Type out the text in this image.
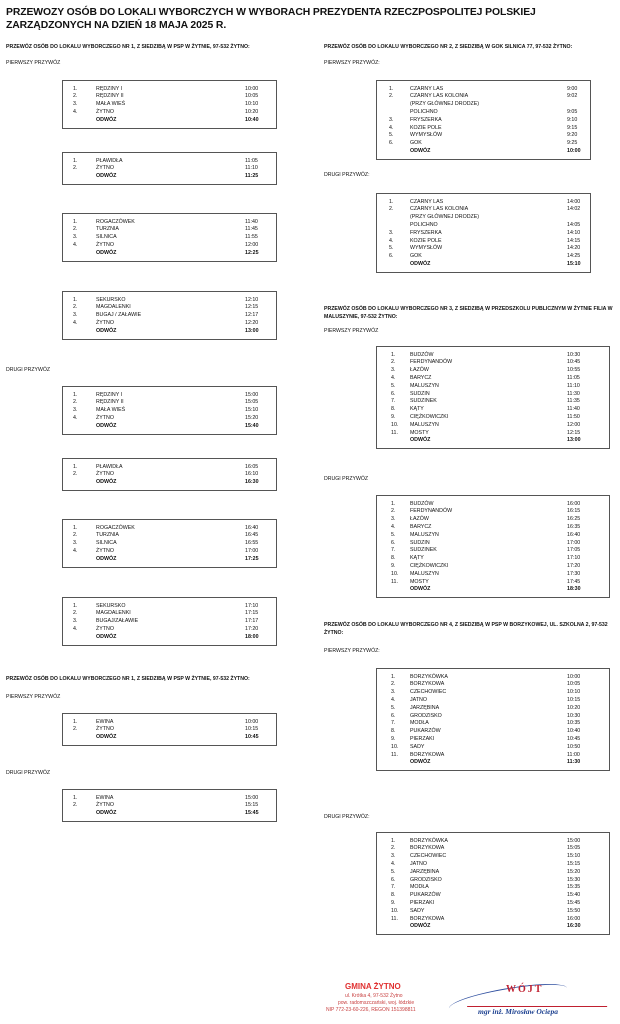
PRZEWOZY OSÓB DO LOKALI WYBORCZYCH W WYBORACH PREZYDENTA RZECZPOSPOLITEJ POLSKIEJ ZARZĄDZONYCH NA DZIEŃ 18 MAJA 2025 R.
PRZEWÓZ OSÓB DO LOKALU WYBORCZEGO NR 1, Z SIEDZIBĄ W PSP W ŻYTNIE, 97-532 ŻYTNO:
PIERWSZY PRZYWÓZ
1.	RĘDZINY I	10:00
2.	RĘDZINY II	10:05
3.	MAŁA WIEŚ	10:10
4.	ŻYTNO	10:20
ODWÓZ	10:40
1.	PŁAWIDŁA	11:05
2.	ŻYTNO	11:10
ODWÓZ	11:25
1.	ROGACZÓWEK	11:40
2.	TURZNIA	11:45
3.	SILNICA	11:55
4.	ŻYTNO	12:00
ODWÓZ	12:25
1.	SEKURSKO	12:10
2.	MAGDALENKI	12:15
3.	BUGAJ / ZAŁAWIE	12:17
4.	ŻYTNO	12:20
ODWÓZ	13:00
DRUGI PRZYWÓZ
1.	RĘDZINY I	15:00
2.	RĘDZINY II	15:05
3.	MAŁA WIEŚ	15:10
4.	ŻYTNO	15:20
ODWÓZ	15:40
1.	PŁAWIDŁA	16:05
2.	ŻYTNO	16:10
ODWÓZ	16:30
1.	ROGACZÓWEK	16:40
2.	TURZNIA	16:45
3.	SILNICA	16:55
4.	ŻYTNO	17:00
ODWÓZ	17:25
1.	SEKURSKO	17:10
2.	MAGDALENKI	17:15
3.	BUGAJ/ZAŁAWIE	17:17
4.	ŻYTNO	17:20
ODWÓZ	18:00
PRZEWÓZ OSÓB DO LOKALU WYBORCZEGO NR 1, Z SIEDZIBĄ W PSP W ŻYTNIE, 97-532 ŻYTNO:
PIERWSZY PRZYWÓZ
1.	EWINA	10:00
2.	ŻYTNO	10:15
ODWÓZ	10:45
DRUGI PRZYWÓZ
1.	EWINA	15:00
2.	ŻYTNO	15:15
ODWÓZ	15:45
PRZEWÓZ OSÓB DO LOKALU WYBORCZEGO NR 2, Z SIEDZIBĄ W GOK SILNICA 77, 97-532 ŻYTNO:
PIERWSZY PRZYWÓZ:
1.	CZARNY LAS	9:00
2.	CZARNY LAS KOLONIA	9:02
(PRZY GŁÓWNEJ DRODZE)
POLICHNO	9:05
3.	FRYSZERKA	9:10
4.	KOZIE POLE	9:15
5.	WYMYSŁÓW	9:20
6.	GOK	9:25
ODWÓZ	10:00
DRUGI PRZYWÓZ:
1.	CZARNY LAS	14:00
2.	CZARNY LAS KOLONIA	14:02
(PRZY GŁÓWNEJ DRODZE)
POLICHNO	14:05
3.	FRYSZERKA	14:10
4.	KOZIE POLE	14:15
5.	WYMYSŁÓW	14:20
6.	GOK	14:25
ODWÓZ	15:10
PRZEWÓZ OSÓB DO LOKALU WYBORCZEGO NR 3, Z SIEDZIBĄ W PRZEDSZKOLU PUBLICZNYM W ŻYTNIE FILIA W MALUSZYNIE, 97-532 ŻYTNO:
PIERWSZY PRZYWÓZ
1.	BUDZÓW	10:30
2.	FERDYNANDÓW	10:45
3.	ŁAZÓW	10:55
4.	BARYCZ	11:05
5.	MALUSZYN	11:10
6.	SUDZIN	11:30
7.	SUDZINEK	11:35
8.	KĄTY	11:40
9.	CIĘŻKOWICZKI	11:50
10. MALUSZYN	12:00
11. MOSTY	12:15
ODWÓZ	13:00
DRUGI PRZYWÓZ
1.	BUDZÓW	16:00
2.	FERDYNANDÓW	16:15
3.	ŁAZÓW	16:25
4.	BARYCZ	16:35
5.	MALUSZYN	16:40
6.	SUDZIN	17:00
7.	SUDZINEK	17:05
8.	KĄTY	17:10
9.	CIĘŻKOWICZKI	17:20
10. MALUSZYN	17:30
11. MOSTY	17:45
ODWÓZ	18:30
PRZEWÓZ OSÓB DO LOKALU WYBORCZEGO NR 4, Z SIEDZIBĄ W PSP W BORZYKOWEJ, UL. SZKOLNA 2, 97-532 ŻYTNO:
PIERWSZY PRZYWÓZ:
1.	BORZYKÓWKA	10:00
2.	BORZYKOWA	10:05
3.	CZECHOWIEC	10:10
4.	JATNO	10:15
5.	JARZĘBINA	10:20
6.	GRODZISKO	10:30
7.	MODŁA	10:35
8.	PUKARZÓW	10:40
9.	PIERZAKI	10:45
10. SADY	10:50
11. BORZYKOWA	11:00
ODWÓZ	11:30
DRUGI PRZYWÓZ:
1.	BORZYKÓWKA	15:00
2.	BORZYKOWA	15:05
3.	CZECHOWIEC	15:10
4.	JATNO	15:15
5.	JARZĘBINA	15:20
6.	GRODZISKO	15:30
7.	MODŁA	15:35
8.	PUKARZÓW	15:40
9.	PIERZAKI	15:45
10. SADY	15:50
11. BORZYKOWA	16:00
ODWÓZ	16:30
GMINA ŻYTNO
ul. Krótka 4, 97-532 Żytno
pow. radomszczański, woj. łódzkie
NIP 772-23-60-226, REGON 151398811
WÓJT
mgr inż. Mirosław Ociepa
